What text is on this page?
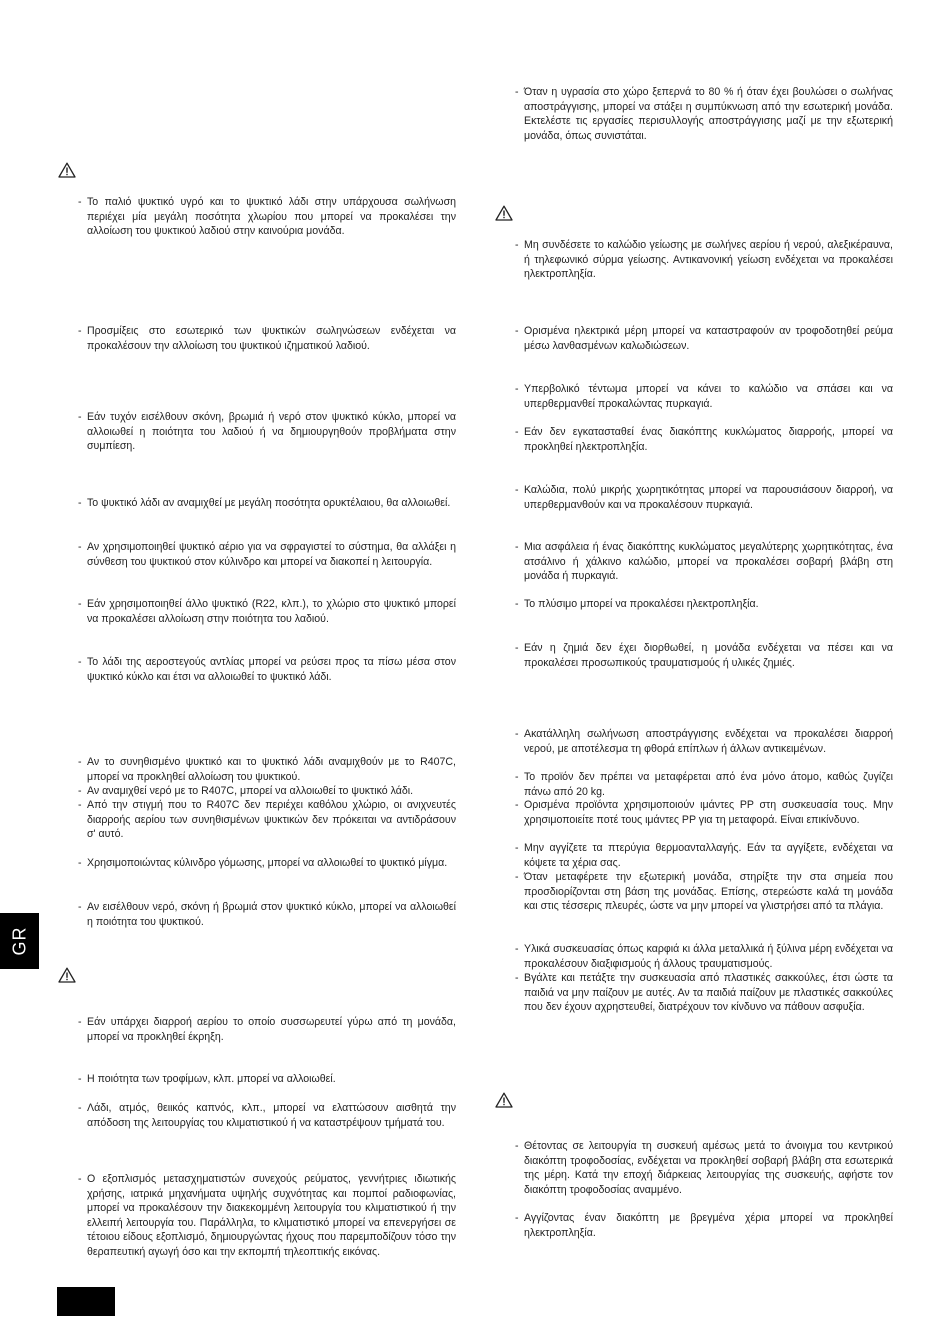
- Το παλιό ψυκτικό υγρό και το ψυκτικό λάδι στην υπάρχουσα σωλήνωση περιέχει μία μεγάλη ποσότητα χλωρίου που μπορεί να προκαλέσει την αλλοίωση του ψυκτικού λαδιού στην καινούρια μονάδα.

- Προσμίξεις στο εσωτερικό των ψυκτικών σωληνώσεων ενδέχεται να προκαλέσουν την αλλοίωση του ψυκτικού ιζηματικού λαδιού.

- Εάν τυχόν εισέλθουν σκόνη, βρωμιά ή νερό στον ψυκτικό κύκλο, μπορεί να αλλοιωθεί η ποιότητα του λαδιού ή να δημιουργηθούν προβλήματα στην συμπίεση.

- Το ψυκτικό λάδι αν αναμιχθεί με μεγάλη ποσότητα ορυκτέλαιου, θα αλλοιωθεί.

- Αν χρησιμοποιηθεί ψυκτικό αέριο για να σφραγιστεί το σύστημα, θα αλλάξει η σύνθεση του ψυκτικού στον κύλινδρο και μπορεί να διακοπεί η λειτουργία.

- Εάν χρησιμοποιηθεί άλλο ψυκτικό (R22, κλπ.), το χλώριο στο ψυκτικό μπορεί να προκαλέσει αλλοίωση στην ποιότητα του λαδιού.

- Το λάδι της αεροστεγούς αντλίας μπορεί να ρεύσει προς τα πίσω μέσα στον ψυκτικό κύκλο και έτσι να αλλοιωθεί το ψυκτικό λάδι.

- Αν το συνηθισμένο ψυκτικό και το ψυκτικό λάδι αναμιχθούν με το R407C, μπορεί να προκληθεί αλλοίωση του ψυκτικού.

- Αν αναμιχθεί νερό με το R407C, μπορεί να αλλοιωθεί το ψυκτικό λάδι.

- Από την στιγμή που το R407C δεν περιέχει καθόλου χλώριο, οι ανιχνευτές διαρροής αερίου των συνηθισμένων ψυκτικών δεν πρόκειται να αντιδράσουν σ' αυτό.

- Χρησιμοποιώντας κύλινδρο γόμωσης, μπορεί να αλλοιωθεί το ψυκτικό μίγμα.

- Αν εισέλθουν νερό, σκόνη ή βρωμιά στον ψυκτικό κύκλο, μπορεί να αλλοιωθεί η ποιότητα του ψυκτικού.

- Εάν υπάρχει διαρροή αερίου το οποίο συσσωρευτεί γύρω από τη μονάδα, μπορεί να προκληθεί έκρηξη.

- Η ποιότητα των τροφίμων, κλπ. μπορεί να αλλοιωθεί.

- Λάδι, ατμός, θειικός καπνός, κλπ., μπορεί να ελαττώσουν αισθητά την απόδοση της λειτουργίας του κλιματιστικού ή να καταστρέψουν τμήματά του.

- Ο εξοπλισμός μετασχηματιστών συνεχούς ρεύματος, γεννήτριες ιδιωτικής χρήσης, ιατρικά μηχανήματα υψηλής συχνότητας και πομποί ραδιοφωνίας, μπορεί να προκαλέσουν την διακεκομμένη λειτουργία του κλιματιστικού ή την ελλειπή λειτουργία του. Παράλληλα, το κλιματιστικό μπορεί να επενεργήσει σε τέτοιου είδους εξοπλισμό, δημιουργώντας ήχους που παρεμποδίζουν τόσο την θεραπευτική αγωγή όσο και την εκπομπή τηλεοπτικής εικόνας.

- Όταν η υγρασία στο χώρο ξεπερνά το 80 % ή όταν έχει βουλώσει ο σωλήνας αποστράγγισης, μπορεί να στάξει η συμπύκνωση από την εσωτερική μονάδα. Εκτελέστε τις εργασίες περισυλλογής αποστράγγισης μαζί με την εξωτερική μονάδα, όπως συνιστάται.

- Μη συνδέσετε το καλώδιο γείωσης με σωλήνες αερίου ή νερού, αλεξικέραυνα, ή τηλεφωνικό σύρμα γείωσης. Αντικανονική γείωση ενδέχεται να προκαλέσει ηλεκτροπληξία.

- Ορισμένα ηλεκτρικά μέρη μπορεί να καταστραφούν αν τροφοδοτηθεί ρεύμα μέσω λανθασμένων καλωδιώσεων.

- Υπερβολικό τέντωμα μπορεί να κάνει το καλώδιο να σπάσει και να υπερθερμανθεί προκαλώντας πυρκαγιά.

- Εάν δεν εγκατασταθεί ένας διακόπτης κυκλώματος διαρροής, μπορεί να προκληθεί ηλεκτροπληξία.

- Καλώδια, πολύ μικρής χωρητικότητας μπορεί να παρουσιάσουν διαρροή, να υπερθερμανθούν και να προκαλέσουν πυρκαγιά.

- Μια ασφάλεια ή ένας διακόπτης κυκλώματος μεγαλύτερης χωρητικότητας, ένα ατσάλινο ή χάλκινο καλώδιο, μπορεί να προκαλέσει σοβαρή βλάβη στη μονάδα ή πυρκαγιά.

- Το πλύσιμο μπορεί να προκαλέσει ηλεκτροπληξία.

- Εάν η ζημιά δεν έχει διορθωθεί, η μονάδα ενδέχεται να πέσει και να προκαλέσει προσωπικούς τραυματισμούς ή υλικές ζημιές.

- Ακατάλληλη σωλήνωση αποστράγγισης ενδέχεται να προκαλέσει διαρροή νερού, με αποτέλεσμα τη φθορά επίπλων ή άλλων αντικειμένων.

- Το προϊόν δεν πρέπει να μεταφέρεται από ένα μόνο άτομο, καθώς ζυγίζει πάνω από 20 kg.

- Ορισμένα προϊόντα χρησιμοποιούν ιμάντες PP στη συσκευασία τους. Μην χρησιμοποιείτε ποτέ τους ιμάντες PP για τη μεταφορά. Είναι επικίνδυνο.

- Μην αγγίζετε τα πτερύγια θερμοανταλλαγής. Εάν τα αγγίξετε, ενδέχεται να κόψετε τα χέρια σας.

- Όταν μεταφέρετε την εξωτερική μονάδα, στηρίξτε την στα σημεία που προσδιορίζονται στη βάση της μονάδας. Επίσης, στερεώστε καλά τη μονάδα και στις τέσσερις πλευρές, ώστε να μην μπορεί να γλιστρήσει από τα πλάγια.

- Υλικά συσκευασίας όπως καρφιά κι άλλα μεταλλικά ή ξύλινα μέρη ενδέχεται να προκαλέσουν διαξιφισμούς ή άλλους τραυματισμούς.

- Βγάλτε και πετάξτε την συσκευασία από πλαστικές σακκούλες, έτσι ώστε τα παιδιά να μην παίζουν με αυτές. Αν τα παιδιά παίζουν με πλαστικές σακκούλες που δεν έχουν αχρηστευθεί, διατρέχουν τον κίνδυνο να πάθουν ασφυξία.

- Θέτοντας σε λειτουργία τη συσκευή αμέσως μετά το άνοιγμα του κεντρικού διακόπτη τροφοδοσίας, ενδέχεται να προκληθεί σοβαρή βλάβη στα εσωτερικά της μέρη. Κατά την εποχή διάρκειας λειτουργίας της συσκευής, αφήστε τον διακόπτη τροφοδοσίας αναμμένο.

- Αγγίζοντας έναν διακόπτη με βρεγμένα χέρια μπορεί να προκληθεί ηλεκτροπληξία.

GR
